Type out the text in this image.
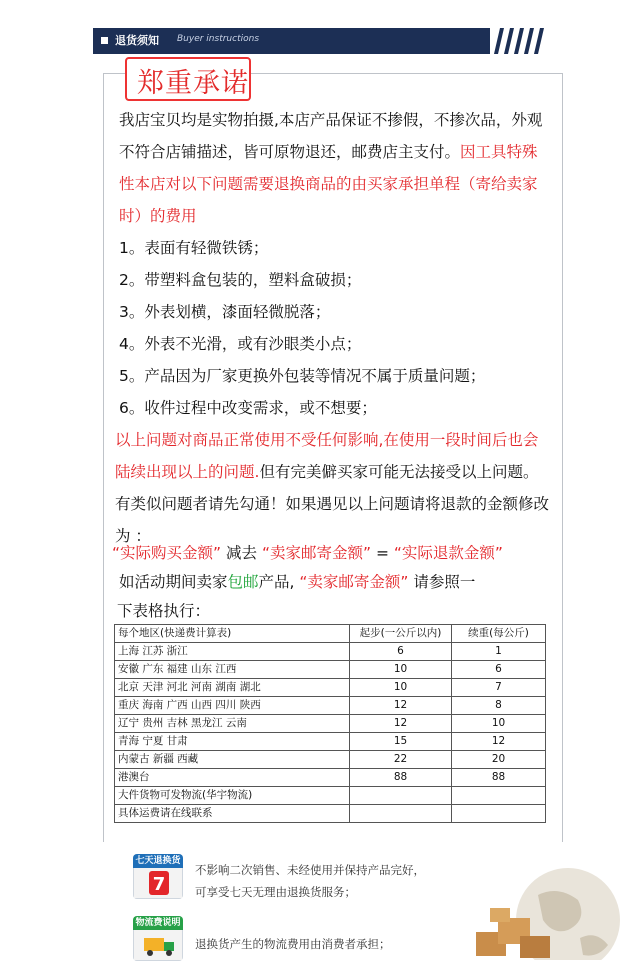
退货须知 Buyer instructions
郑重承诺
我店宝贝均是实物拍摄,本店产品保证不掺假，不掺次品，外观不符合店铺描述，皆可原物退还，邮费店主支付。因工具特殊性本店对以下问题需要退换商品的由买家承担单程（寄给卖家时）的费用
1。表面有轻微铁锈；
2。带塑料盒包装的，塑料盒破损；
3。外表划横，漆面轻微脱落；
4。外表不光滑，或有沙眼类小点；
5。产品因为厂家更换外包装等情况不属于质量问题；
6。收件过程中改变需求，或不想要；
以上问题对商品正常使用不受任何影响,在使用一段时间后也会陆续出现以上的问题.但有完美僻买家可能无法接受以上问题。有类似问题者请先勾通！如果遇见以上问题请将退款的金额修改为 ：
“实际购买金额” 减去 “卖家邮寄金额” = “实际退款金额”
如活动期间卖家包邮产品, “卖家邮寄金额” 请参照一
下表格执行：
每个地区(快递费计算表)	起步(一公斤以内)	续重(每公斤)
上海 江苏 浙江	6	1
安徽 广东 福建 山东 江西	10	6
北京 天津 河北 河南 湖南 湖北	10	7
重庆 海南 广西 山西 四川 陕西	12	8
辽宁 贵州 吉林 黑龙江 云南	12	10
青海 宁夏 甘肃	15	12
内蒙古 新疆 西藏	22	20
港澳台	88	88
大件货物可发物流(华宇物流)		
具体运费请在线联系		
七天退换货
7
不影响二次销售、未经使用并保持产品完好，
可享受七天无理由退换货服务；
物流费说明
退换货产生的物流费用由消费者承担；
